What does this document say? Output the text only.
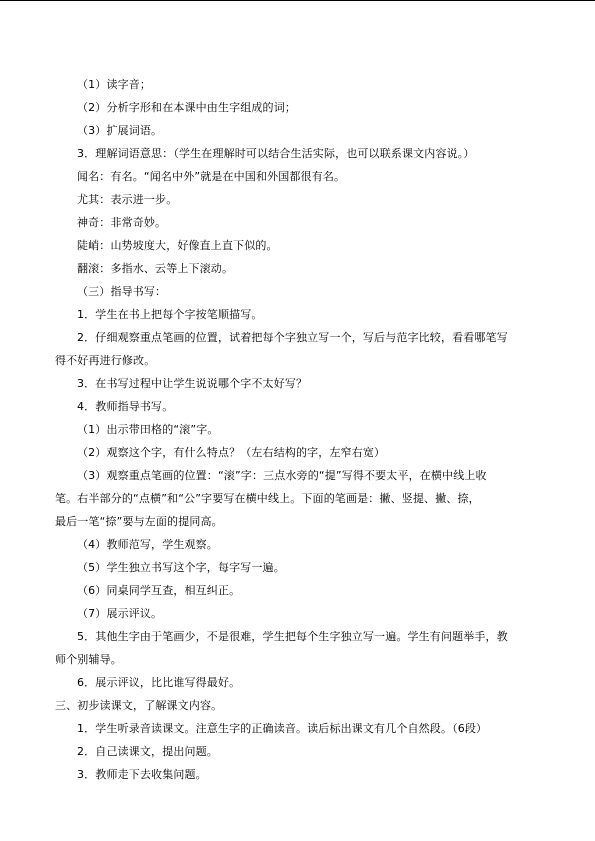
（1）读字音；
（2）分析字形和在本课中由生字组成的词；
（3）扩展词语。
3．理解词语意思：（学生在理解时可以结合生活实际，也可以联系课文内容说。）
闻名：有名。“闻名中外”就是在中国和外国都很有名。
尤其：表示进一步。
神奇：非常奇妙。
陡峭：山势坡度大，好像直上直下似的。
翻滚：多指水、云等上下滚动。
（三）指导书写：
1．学生在书上把每个字按笔顺描写。
2．仔细观察重点笔画的位置，试着把每个字独立写一个，写后与范字比较，看看哪笔写
得不好再进行修改。
3．在书写过程中让学生说说哪个字不太好写？
4．教师指导书写。
（1）出示带田格的“滚”字。
（2）观察这个字，有什么特点？（左右结构的字，左窄右宽）
（3）观察重点笔画的位置：“滚”字：三点水旁的“提”写得不要太平，在横中线上收
笔。右半部分的“点横”和“公”字要写在横中线上。下面的笔画是：撇、竖提、撇、捺，
最后一笔“捺”要与左面的提同高。
（4）教师范写，学生观察。
（5）学生独立书写这个字，每字写一遍。
（6）同桌同学互查，相互纠正。
（7）展示评议。
5．其他生字由于笔画少，不是很难，学生把每个生字独立写一遍。学生有问题举手，教
师个别辅导。
6．展示评议，比比谁写得最好。
三、初步读课文，了解课文内容。
1．学生听录音读课文。注意生字的正确读音。读后标出课文有几个自然段。（6段）
2．自己读课文，提出问题。
3．教师走下去收集问题。
